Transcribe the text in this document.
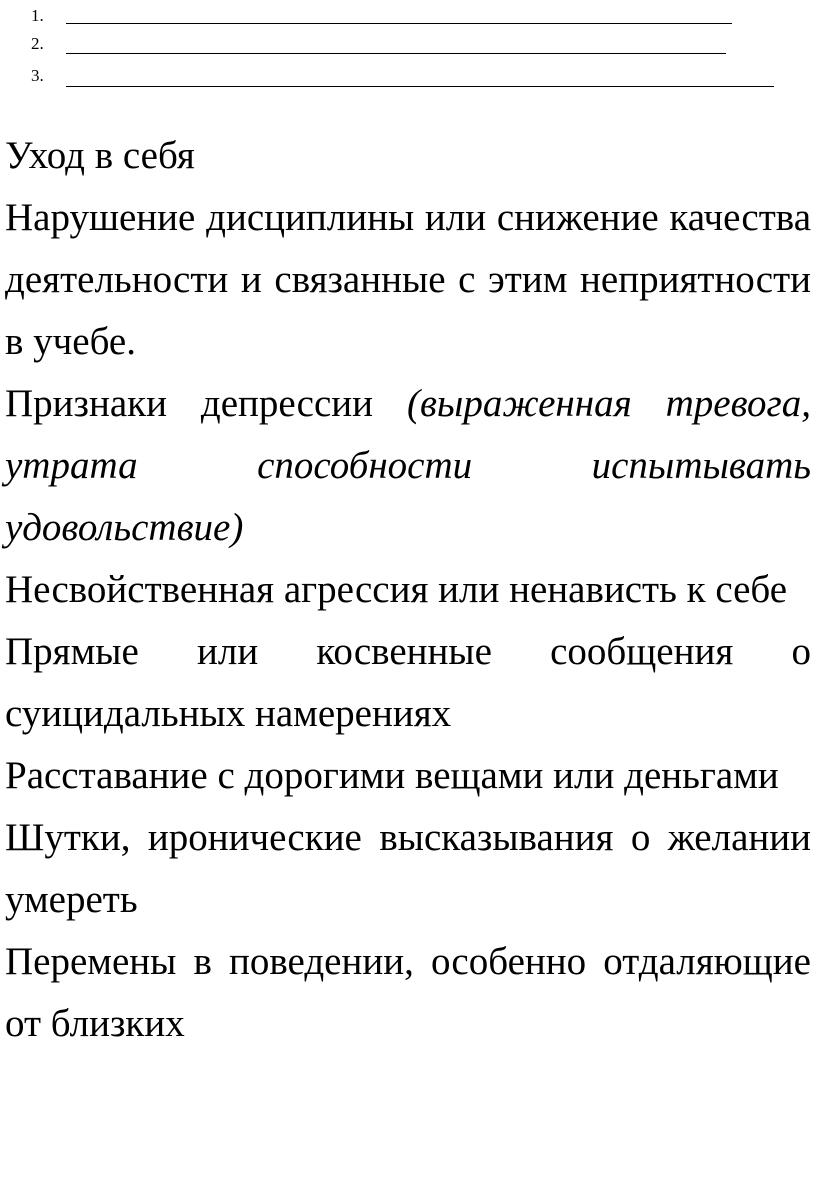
1.
2.
3.

Уход в себя

Нарушение дисциплины или снижение качества деятельности и связанные с этим неприятности в учебе.

Признаки депрессии (выраженная тревога, утрата способности испытывать удовольствие)

Несвойственная агрессия или ненависть к себе

Прямые или косвенные сообщения о суицидальных намерениях

Расставание с дорогими вещами или деньгами

Шутки, иронические высказывания о желании умереть

Перемены в поведении, особенно отдаляющие от близких
